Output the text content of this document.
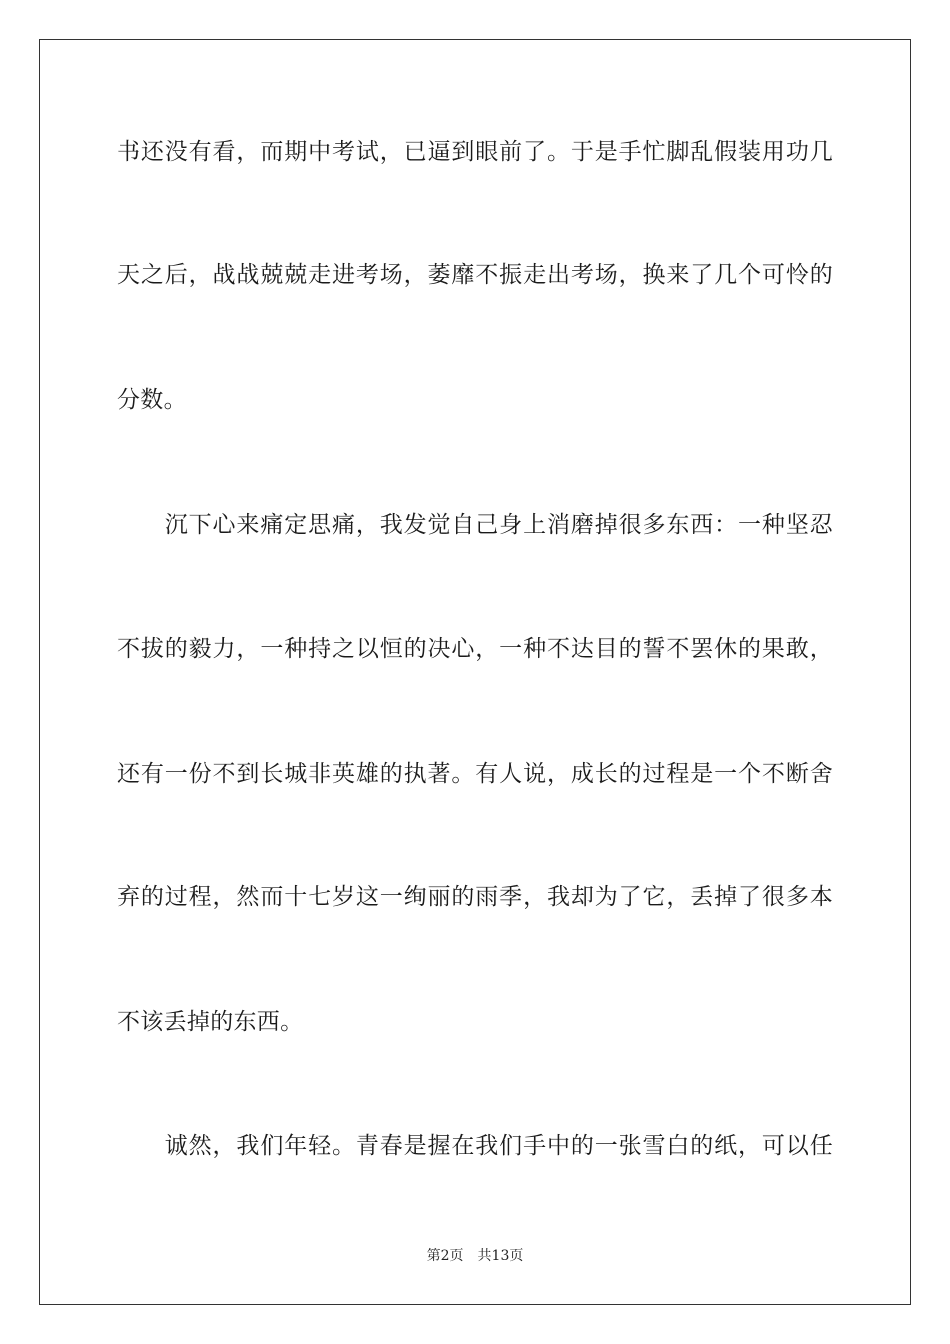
书还没有看，而期中考试，已逼到眼前了。于是手忙脚乱假装用功几
天之后，战战兢兢走进考场，萎靡不振走出考场，换来了几个可怜的
分数。
　　沉下心来痛定思痛，我发觉自己身上消磨掉很多东西：一种坚忍
不拔的毅力，一种持之以恒的决心，一种不达目的誓不罢休的果敢，
还有一份不到长城非英雄的执著。有人说，成长的过程是一个不断舍
弃的过程，然而十七岁这一绚丽的雨季，我却为了它，丢掉了很多本
不该丢掉的东西。
　　诚然，我们年轻。青春是握在我们手中的一张雪白的纸，可以任
第2页 共13页
